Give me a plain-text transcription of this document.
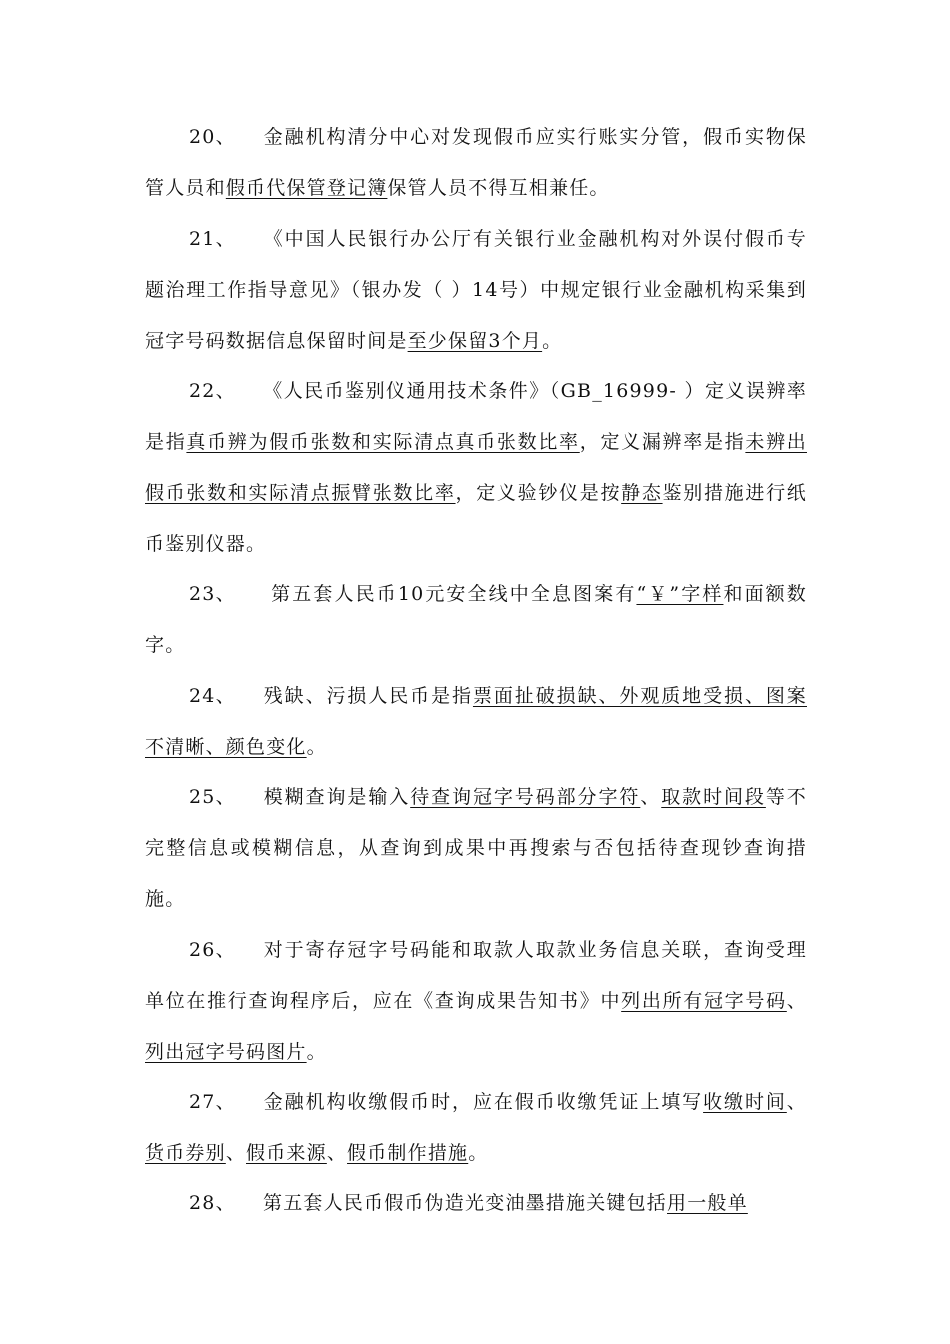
20、 金融机构清分中心对发现假币应实行账实分管，假币实物保管人员和假币代保管登记簿保管人员不得互相兼任。
21、 《中国人民银行办公厅有关银行业金融机构对外误付假币专题治理工作指导意见》（银办发（ ）14号）中规定银行业金融机构采集到冠字号码数据信息保留时间是至少保留3个月。
22、 《人民币鉴别仪通用技术条件》（GB_16999- ）定义误辨率是指真币辨为假币张数和实际清点真币张数比率，定义漏辨率是指未辨出假币张数和实际清点振臂张数比率，定义验钞仪是按静态鉴别措施进行纸币鉴别仪器。
23、 第五套人民币10元安全线中全息图案有“￥”字样和面额数字。
24、 残缺、污损人民币是指票面扯破损缺、外观质地受损、图案不清晰、颜色变化。
25、 模糊查询是输入待查询冠字号码部分字符、取款时间段等不完整信息或模糊信息，从查询到成果中再搜索与否包括待查现钞查询措施。
26、 对于寄存冠字号码能和取款人取款业务信息关联，查询受理单位在推行查询程序后，应在《查询成果告知书》中列出所有冠字号码、列出冠字号码图片。
27、 金融机构收缴假币时，应在假币收缴凭证上填写收缴时间、货币券别、假币来源、假币制作措施。
28、 第五套人民币假币伪造光变油墨措施关键包括用一般单
